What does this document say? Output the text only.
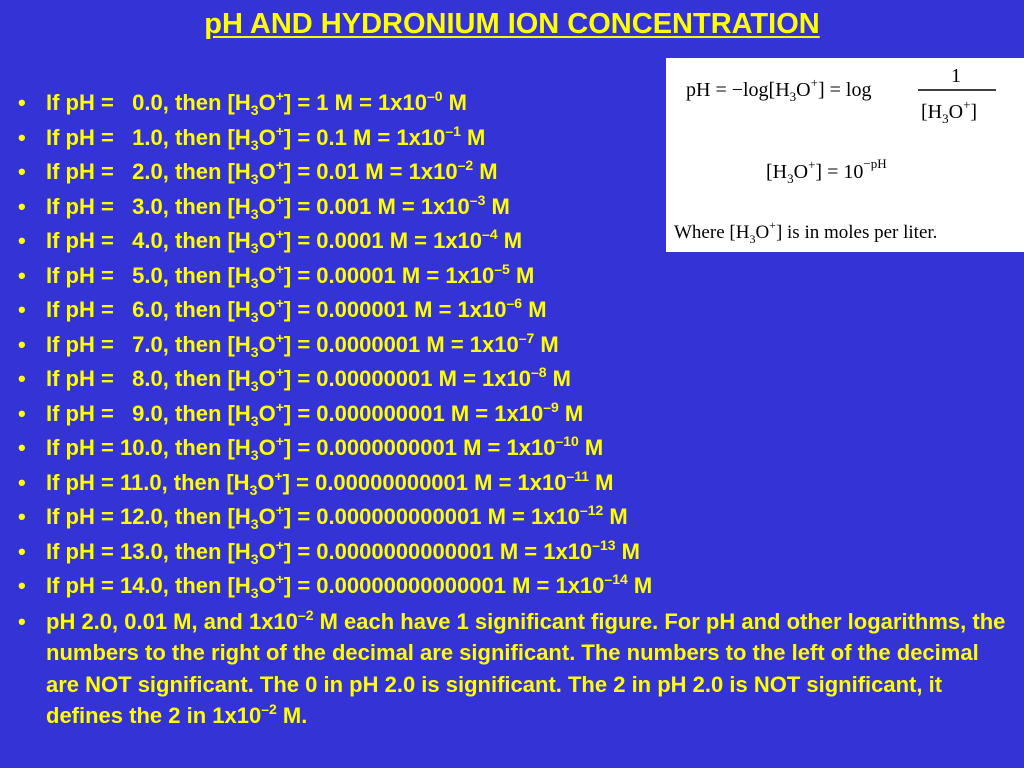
pH AND HYDRONIUM ION CONCENTRATION
• If pH =   0.0, then $[H_3O^+] = 1$ $M = 1x10^{-0}$ M
• If pH =   1.0, then $[H_3O^+] = 0.1$ $M = 1x10^{-1}$ M
• If pH =   2.0, then $[H_3O^+] = 0.01$ $M = 1x10^{-2}$ M
• If pH =   3.0, then $[H_3O^+] = 0.001$ $M = 1x10^{-3}$ M
• If pH =   4.0, then $[H_3O^+] = 0.0001$ $M = 1x10^{-4}$ M
• If pH =   5.0, then $[H_3O^+] = 0.00001$ $M = 1x10^{-5}$ M
• If pH =   6.0, then $[H_3O^+] = 0.000001$ $M = 1x10^{-6}$ M
• If pH =   7.0, then $[H_3O^+] = 0.0000001$ $M = 1x10^{-7}$ M
• If pH =   8.0, then $[H_3O^+] = 0.00000001$ $M = 1x10^{-8}$ M
• If pH =   9.0, then $[H_3O^+] = 0.000000001$ $M = 1x10^{-9}$ M
• If pH = 10.0, then $[H_3O^+] = 0.0000000001$ $M = 1x10^{-10}$ M
• If pH = 11.0, then $[H_3O^+] = 0.00000000001$ $M = 1x10^{-11}$ M
• If pH = 12.0, then $[H_3O^+] = 0.000000000001$ $M = 1x10^{-12}$ M
• If pH = 13.0, then $[H_3O^+] = 0.0000000000001$ $M = 1x10^{-13}$ M
• If pH = 14.0, then $[H_3O^+] = 0.00000000000001$ $M = 1x10^{-14}$ M
• pH 2.0, 0.01 M, and $1x10^{-2}$ M each have 1 significant figure. For pH and other logarithms, the numbers to the right of the decimal are significant. The numbers to the left of the decimal are NOT significant. The 0 in pH 2.0 is significant. The 2 in pH 2.0 is NOT significant, it defines the 2 in $1x10^{-2}$ M.
pH = $-\log[H_3O^+] = \log$
1
$[H_3O^+]$
$[H_3O^+] = 10^{-pH}$
Where $[H_3O^+]$ is in moles per liter.
